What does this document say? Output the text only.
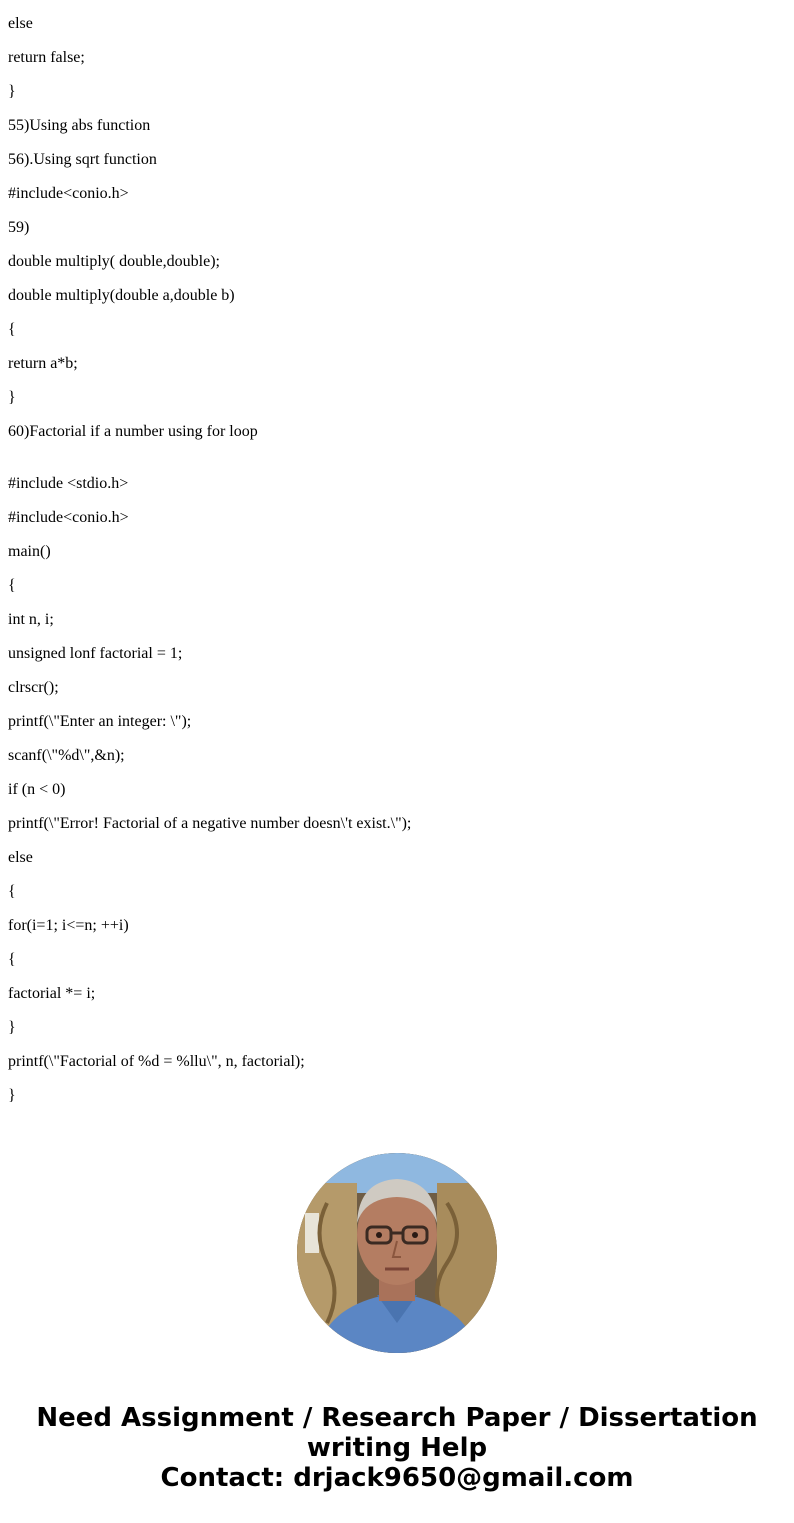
else
return false;
}
55)Using abs function
56).Using sqrt function
#include<conio.h>
59)
double multiply( double,double);
double multiply(double a,double b)
{
return a*b;
}
60)Factorial if a number using for loop
#include <stdio.h>
#include<conio.h>
main()
{
int n, i;
unsigned lonf factorial = 1;
clrscr();
printf(\"Enter an integer: \");
scanf(\"%d\",&n);
if (n < 0)
printf(\"Error! Factorial of a negative number doesn\'t exist.\");
else
{
for(i=1; i<=n; ++i)
{
factorial *= i;
}
printf(\"Factorial of %d = %llu\", n, factorial);
}
Need Assignment / Research Paper / Dissertation
writing Help
Contact: drjack9650@gmail.com
